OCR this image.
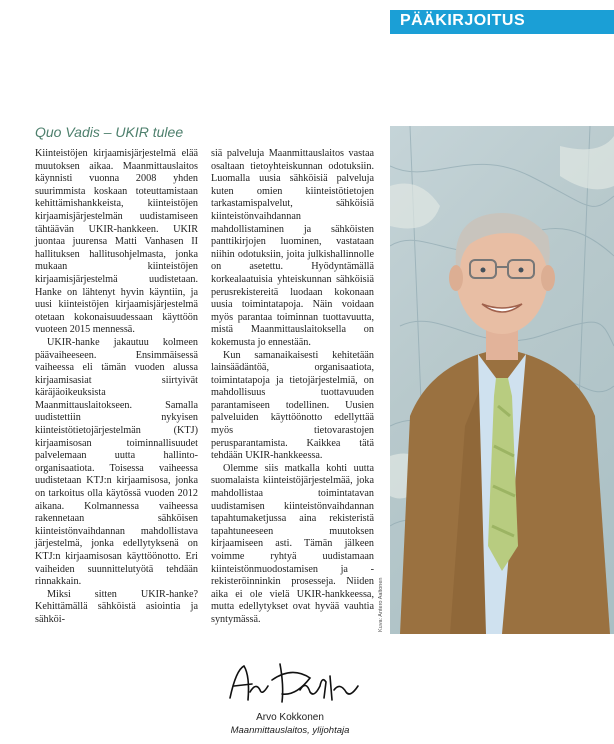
PÄÄKIRJOITUS
Quo Vadis – UKIR tulee

Kiinteistöjen kirjaamisjärjestelmä elää muutoksen aikaa. Maanmittauslaitos käynnisti vuonna 2008 yhden suurimmista koskaan toteuttamistaan kehittämishankkeista, kiinteistöjen kirjaamisjärjestelmän uudistamiseen tähtäävän UKIR-hankkeen. UKIR juontaa juurensa Matti Vanhasen II hallituksen hallitusohjelmasta, jonka mukaan kiinteistöjen kirjaamisjärjestelmä uudistetaan. Hanke on lähtenyt hyvin käyntiin, ja uusi kiinteistöjen kirjaamisjärjestelmä otetaan kokonaisuudessaan käyttöön vuoteen 2015 mennessä.

UKIR-hanke jakautuu kolmeen päävaiheeseen. Ensimmäisessä vaiheessa eli tämän vuoden alussa kirjaamisasiat siirtyivät käräjäoikeuksista Maanmittauslaitokseen. Samalla uudistettiin nykyisen kiinteistötietojärjestelmän (KTJ) kirjaamisosan toiminnallisuudet palvelemaan uutta hallinto-organisaatiota. Toisessa vaiheessa uudistetaan KTJ:n kirjaamisosa, jonka on tarkoitus olla käytössä vuoden 2012 aikana. Kolmannessa vaiheessa rakennetaan sähköisen kiinteistönvaihdannan mahdollistava järjestelmä, jonka edellytyksenä on KTJ:n kirjaamisosan käyttöönotto. Eri vaiheiden suunnittelutyötä tehdään rinnakkain.

Miksi sitten UKIR-hanke? Kehittämällä sähköistä asiointia ja sähköi-

siä palveluja Maanmittauslaitos vastaa osaltaan tietoyhteiskunnan odotuksiin. Luomalla uusia sähköisiä palveluja kuten omien kiinteistötietojen tarkastamispalvelut, sähköisiä kiinteistönvaihdannan mahdollistaminen ja sähköisten panttikirjojen luominen, vastataan niihin odotuksiin, joita julkishallinnolle on asetettu. Hyödyntämällä korkealaatuisia yhteiskunnan sähköisiä perusrekistereitä luodaan kokonaan uusia toimintatapoja. Näin voidaan myös parantaa toiminnan tuottavuutta, mistä Maanmittauslaitoksella on kokemusta jo ennestään.

Kun samanaikaisesti kehitetään lainsäädäntöä, organisaatiota, toimintatapoja ja tietojärjestelmiä, on mahdollisuus tuottavuuden parantamiseen todellinen. Uusien palveluiden käyttöönotto edellyttää myös tietovarastojen perusparantamista. Kaikkea tätä tehdään UKIR-hankkeessa.

Olemme siis matkalla kohti uutta suomalaista kiinteistöjärjestelmää, joka mahdollistaa toimintatavan uudistamisen kiinteistönvaihdannan tapahtumaketjussa aina rekisteristä tapahtuneeseen muutoksen kirjaamiseen asti. Tämän jälkeen voimme ryhtyä uudistamaan kiinteistönmuodostamisen ja -rekisteröinninkin prosesseja. Niiden aika ei ole vielä UKIR-hankkeessa, mutta edellytykset ovat hyvää vauhtia syntymässä.	Kuva: Antero Aaltonen
Arvo Kokkonen
Maanmittauslaitos, ylijohtaja
